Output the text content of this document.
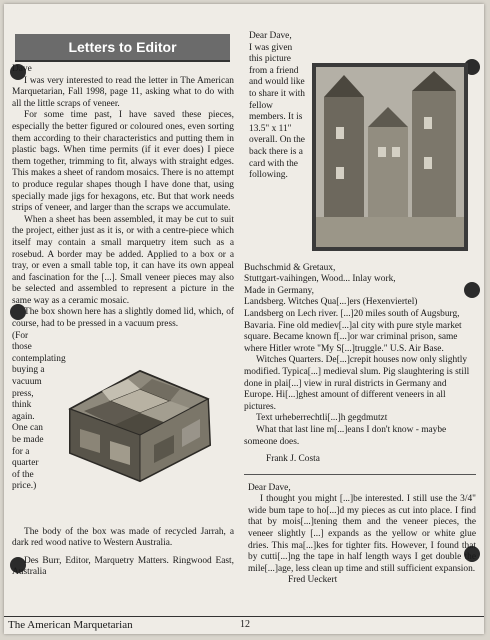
Letters to Editor
Dave

I was very interested to read the letter in The American Marquetarian, Fall 1998, page 11, asking what to do with all the little scraps of veneer.

For some time past, I have saved these pieces, especially the better figured or coloured ones, even sorting them according to their characteristics and putting them in plastic bags. When time permits (if it ever does) I piece them together, trimming to fit, always with straight edges. This makes a sheet of random mosaics. There is no attempt to produce regular shapes though I have done that, using specially made jigs for hexagons, etc. But that work needs strips of veneer, and larger than the scraps we accumulate.

When a sheet has been assembled, it may be cut to suit the project, either just as it is, or with a centre-piece which itself may contain a small marquetry item such as a rosebud. A border may be added. Applied to a box or a tray, or even a small table top, it can have its own appeal and fascination for the [...]. Small veneer pieces may also be selected and assembled to represent a picture in the same way as a ceramic mosaic.

The box shown here has a slightly domed lid, which, of course, had to be pressed in a vacuum press.

(For those contemplating buying a vacuum press, think again. One can be made for a quarter of the price.)

The body of the box was made of recycled Jarrah, a dark red wood native to Western Australia.

Des Burr, Editor, Marquetry Matters. Ringwood East, Australia

Dear Dave,
I was given this picture from a friend and would like to share it with fellow members. It is 13.5" x 11" overall. On the back there is a card with the following.

Buchschmid & Gretaux,

Stuttgart-vaihingen, Wood... Inlay work,

Made in Germany,

Landsberg. Witches Qua[...]ers (Hexenviertel)

Landsberg on Lech river. [...]20 miles south of Augsburg,

Bavaria. Fine old mediev[...]al city with pure style market

square. Became known f[...]or war criminal prison, same

where Hitler wrote "My S[...]truggle." U.S. Air Base.

Witches Quarters. De[...]crepit houses now only slightly modified. Typica[...] medieval slum. Pig slaughtering is still done in plai[...] view in rural districts in Germany and Europe. Hi[...]ghest amount of different veneers in all pictures.

Text urheberrechtli[...]h gegdmutzt

What that last line m[...]eans I don't know - maybe someone does.

Frank J. Costa

Dear Dave,

I thought you might [...]be interested. I still use the 3/4" wide bum tape to ho[...]d my pieces as cut into place. I find that by mois[...]tening them and the veneer pieces, the veneer slightly [...] expands as the yellow or white glue dries. This ma[...]kes for tighter fits. However, I found that by cutti[...]ng the tape in half length ways I get double the mile[...]age, less clean up time and still sufficient expansion.

Fred Ueckert

The American Marquetarian	12
